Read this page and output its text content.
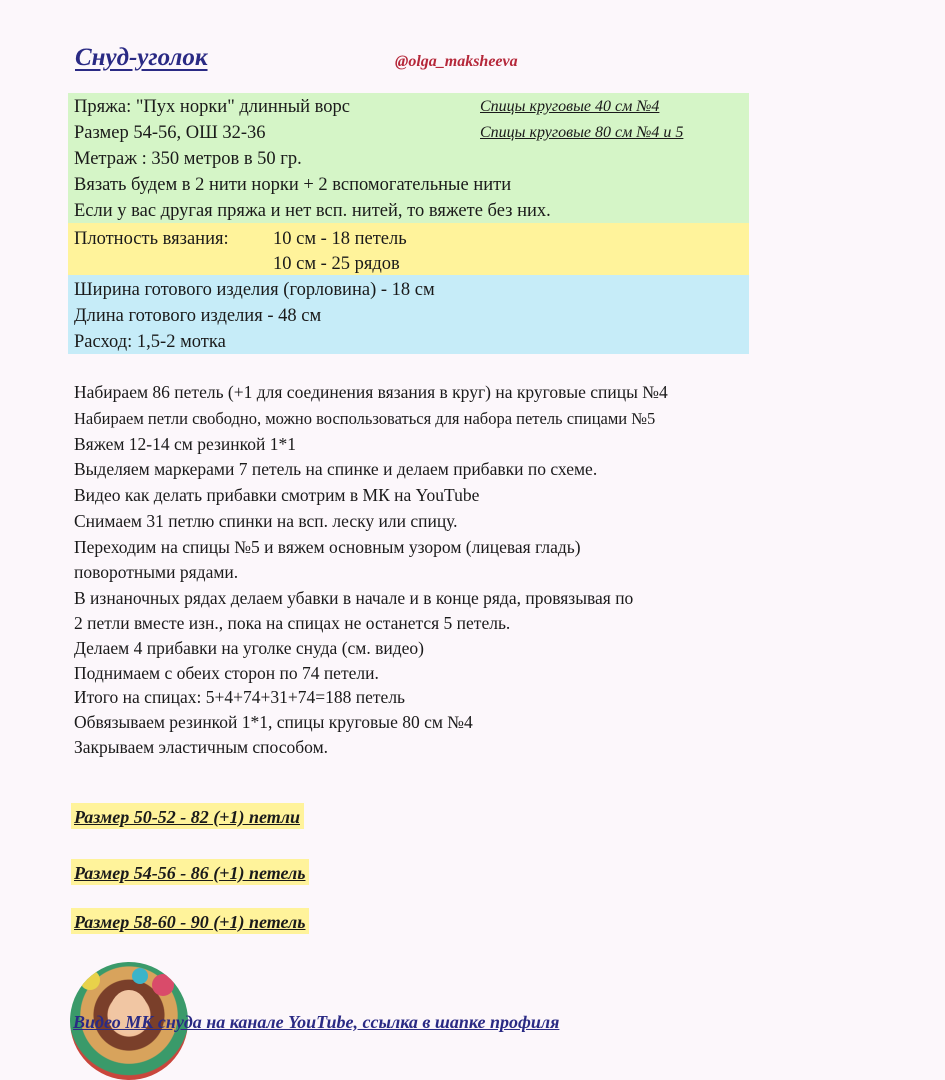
Снуд-уголок	@olga_maksheeva
Пряжа: "Пух норки" длинный ворс
Размер 54-56, ОШ 32-36
Метраж : 350 метров в 50 гр.
Вязать будем в 2 нити норки + 2 вспомогательные нити
Если у вас другая пряжа и нет всп. нитей, то вяжете без них.
Спицы круговые 40 см №4
Спицы круговые 80 см №4 и 5
Плотность вязания: 10 см - 18 петель
10 см - 25 рядов
Ширина готового изделия (горловина) - 18 см
Длина готового изделия - 48 см
Расход: 1,5-2 мотка
Набираем 86 петель (+1 для соединения вязания в круг) на круговые спицы №4
Набираем петли свободно, можно воспользоваться для набора петель спицами №5
Вяжем 12-14 см резинкой 1*1
Выделяем маркерами 7 петель на спинке и делаем прибавки по схеме.
Видео как делать прибавки смотрим в МК на YouTube
Снимаем 31 петлю спинки на всп. леску или спицу.
Переходим на спицы №5 и вяжем основным узором (лицевая гладь)
поворотными рядами.
В изнаночных рядах делаем убавки в начале и в конце ряда, провязывая по
2 петли вместе изн., пока на спицах не останется 5 петель.
Делаем 4 прибавки на уголке снуда (см. видео)
Поднимаем с обеих сторон по 74 петели.
Итого на спицах: 5+4+74+31+74=188 петель
Обвязываем резинкой 1*1, спицы круговые 80 см №4
Закрываем эластичным способом.
Размер 50-52 - 82 (+1) петли
Размер 54-56 - 86 (+1) петель
Размер 58-60 - 90 (+1) петель
Видео МК снуда на канале YouTube, ссылка в шапке профиля
